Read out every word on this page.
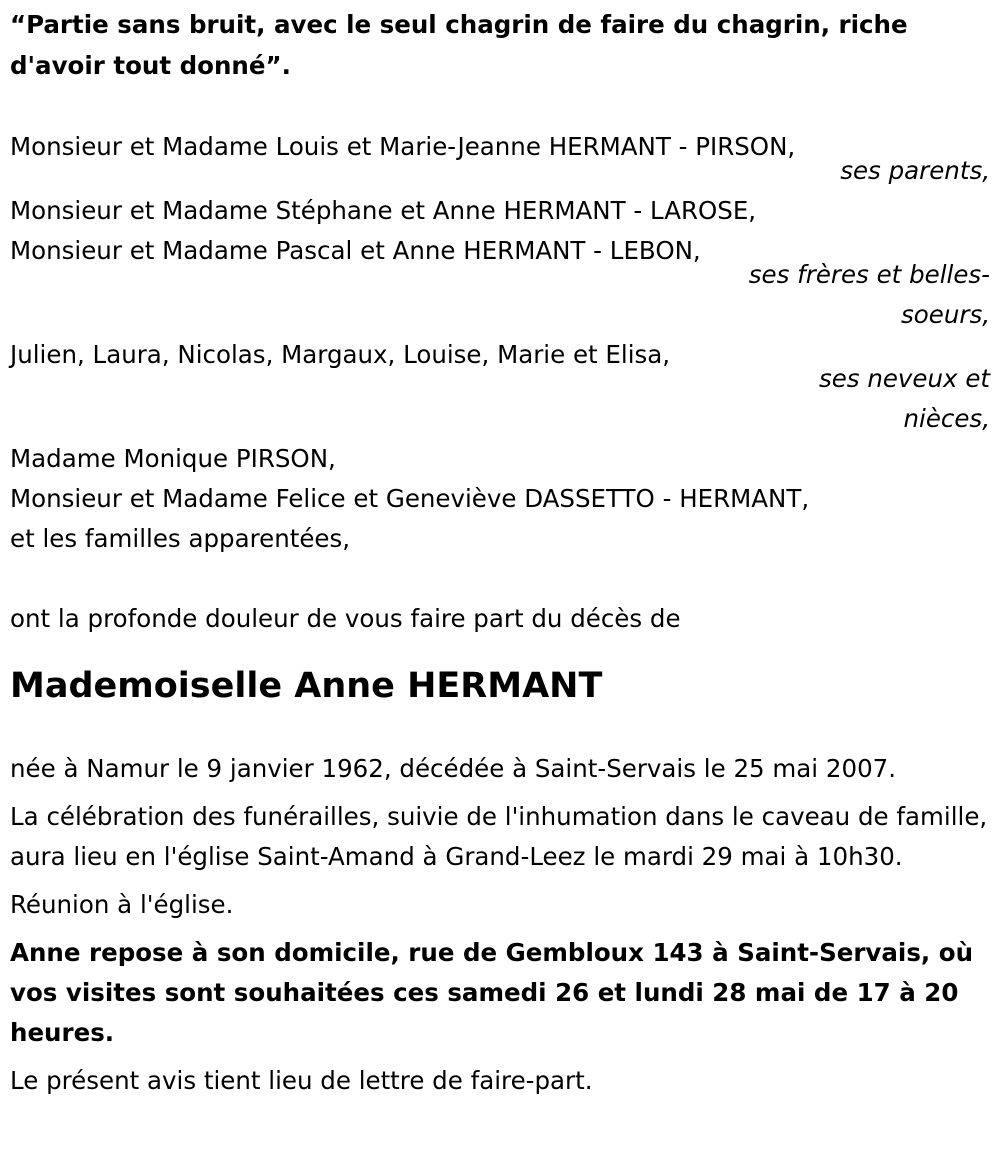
“Partie sans bruit, avec le seul chagrin de faire du chagrin, riche d'avoir tout donné”.

Monsieur et Madame Louis et Marie-Jeanne HERMANT - PIRSON,

ses parents,

Monsieur et Madame Stéphane et Anne HERMANT - LAROSE,

Monsieur et Madame Pascal et Anne HERMANT - LEBON,

ses frères et belles-soeurs,

Julien, Laura, Nicolas, Margaux, Louise, Marie et Elisa,

ses neveux et nièces,

Madame Monique PIRSON,

Monsieur et Madame Felice et Geneviève DASSETTO - HERMANT,

et les familles apparentées,

ont la profonde douleur de vous faire part du décès de

Mademoiselle Anne HERMANT

née à Namur le 9 janvier 1962, décédée à Saint-Servais le 25 mai 2007.

La célébration des funérailles, suivie de l'inhumation dans le caveau de famille, aura lieu en l'église Saint-Amand à Grand-Leez le mardi 29 mai à 10h30.

Réunion à l'église.

Anne repose à son domicile, rue de Gembloux 143 à Saint-Servais, où vos visites sont souhaitées ces samedi 26 et lundi 28 mai de 17 à 20 heures.

Le présent avis tient lieu de lettre de faire-part.
